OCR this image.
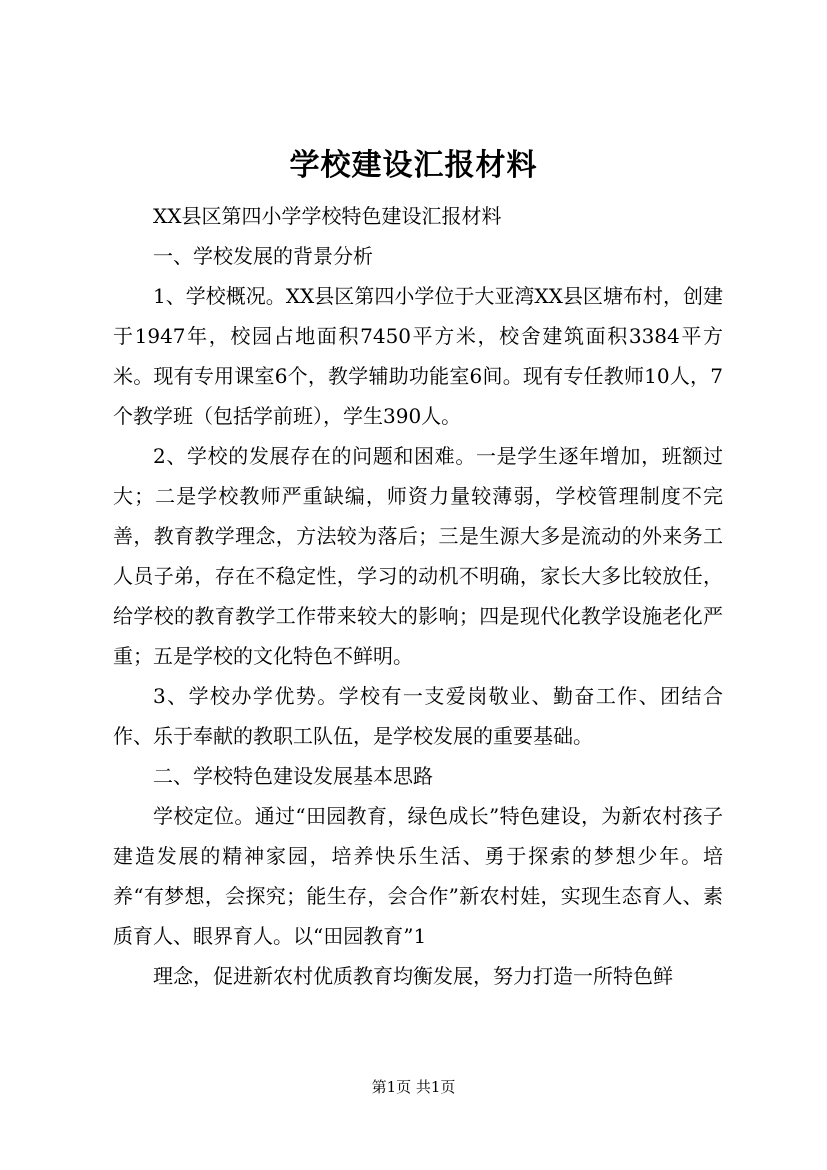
学校建设汇报材料

XX县区第四小学学校特色建设汇报材料

一、学校发展的背景分析

1、学校概况。XX县区第四小学位于大亚湾XX县区塘布村，创建于1947年，校园占地面积7450平方米，校舍建筑面积3384平方米。现有专用课室6个，教学辅助功能室6间。现有专任教师10人，7个教学班（包括学前班），学生390人。

2、学校的发展存在的问题和困难。一是学生逐年增加，班额过大；二是学校教师严重缺编，师资力量较薄弱，学校管理制度不完善，教育教学理念，方法较为落后；三是生源大多是流动的外来务工人员子弟，存在不稳定性，学习的动机不明确，家长大多比较放任，给学校的教育教学工作带来较大的影响；四是现代化教学设施老化严重；五是学校的文化特色不鲜明。

3、学校办学优势。学校有一支爱岗敬业、勤奋工作、团结合作、乐于奉献的教职工队伍，是学校发展的重要基础。

二、学校特色建设发展基本思路

学校定位。通过“田园教育，绿色成长”特色建设，为新农村孩子建造发展的精神家园，培养快乐生活、勇于探索的梦想少年。培养“有梦想，会探究；能生存，会合作”新农村娃，实现生态育人、素质育人、眼界育人。以“田园教育”1

理念，促进新农村优质教育均衡发展，努力打造一所特色鲜

第1页 共1页
